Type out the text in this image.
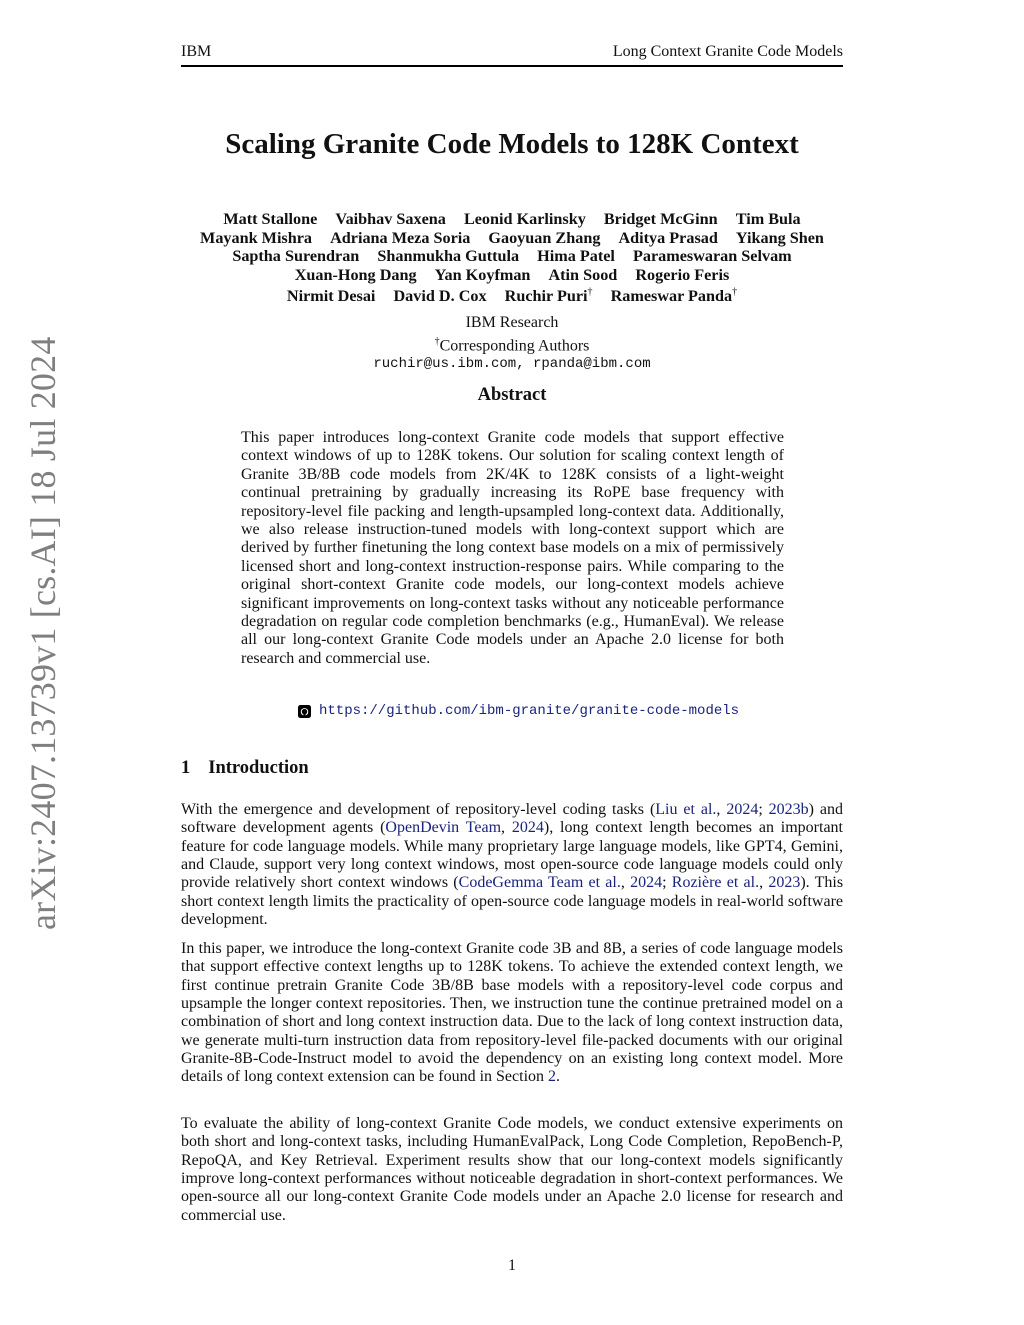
IBM	Long Context Granite Code Models
arXiv:2407.13739v1 [cs.AI] 18 Jul 2024
Scaling Granite Code Models to 128K Context
Matt Stallone Vaibhav Saxena Leonid Karlinsky Bridget McGinn Tim Bula
Mayank Mishra Adriana Meza Soria Gaoyuan Zhang Aditya Prasad Yikang Shen
Saptha Surendran Shanmukha Guttula Hima Patel Parameswaran Selvam
Xuan-Hong Dang Yan Koyfman Atin Sood Rogerio Feris
Nirmit Desai David D. Cox Ruchir Puri† Rameswar Panda†
IBM Research
†Corresponding Authors
ruchir@us.ibm.com, rpanda@ibm.com
Abstract
This paper introduces long-context Granite code models that support effective context windows of up to 128K tokens. Our solution for scaling context length of Granite 3B/8B code models from 2K/4K to 128K consists of a light-weight continual pretraining by gradually increasing its RoPE base frequency with repository-level file packing and length-upsampled long-context data. Additionally, we also release instruction-tuned models with long-context support which are derived by further finetuning the long context base models on a mix of permissively licensed short and long-context instruction-response pairs. While comparing to the original short-context Granite code models, our long-context models achieve significant improvements on long-context tasks without any noticeable performance degradation on regular code completion benchmarks (e.g., HumanEval). We release all our long-context Granite Code models under an Apache 2.0 license for both research and commercial use.
https://github.com/ibm-granite/granite-code-models
1 Introduction

With the emergence and development of repository-level coding tasks (Liu et al., 2024; 2023b) and software development agents (OpenDevin Team, 2024), long context length becomes an important feature for code language models. While many proprietary large language models, like GPT4, Gemini, and Claude, support very long context windows, most open-source code language models could only provide relatively short context windows (CodeGemma Team et al., 2024; Rozière et al., 2023). This short context length limits the practicality of open-source code language models in real-world software development.

In this paper, we introduce the long-context Granite code 3B and 8B, a series of code language models that support effective context lengths up to 128K tokens. To achieve the extended context length, we first continue pretrain Granite Code 3B/8B base models with a repository-level code corpus and upsample the longer context repositories. Then, we instruction tune the continue pretrained model on a combination of short and long context instruction data. Due to the lack of long context instruction data, we generate multi-turn instruction data from repository-level file-packed documents with our original Granite-8B-Code-Instruct model to avoid the dependency on an existing long context model. More details of long context extension can be found in Section 2.

To evaluate the ability of long-context Granite Code models, we conduct extensive experiments on both short and long-context tasks, including HumanEvalPack, Long Code Completion, RepoBench-P, RepoQA, and Key Retrieval. Experiment results show that our long-context models significantly improve long-context performances without noticeable degradation in short-context performances. We open-source all our long-context Granite Code models under an Apache 2.0 license for research and commercial use.

1
